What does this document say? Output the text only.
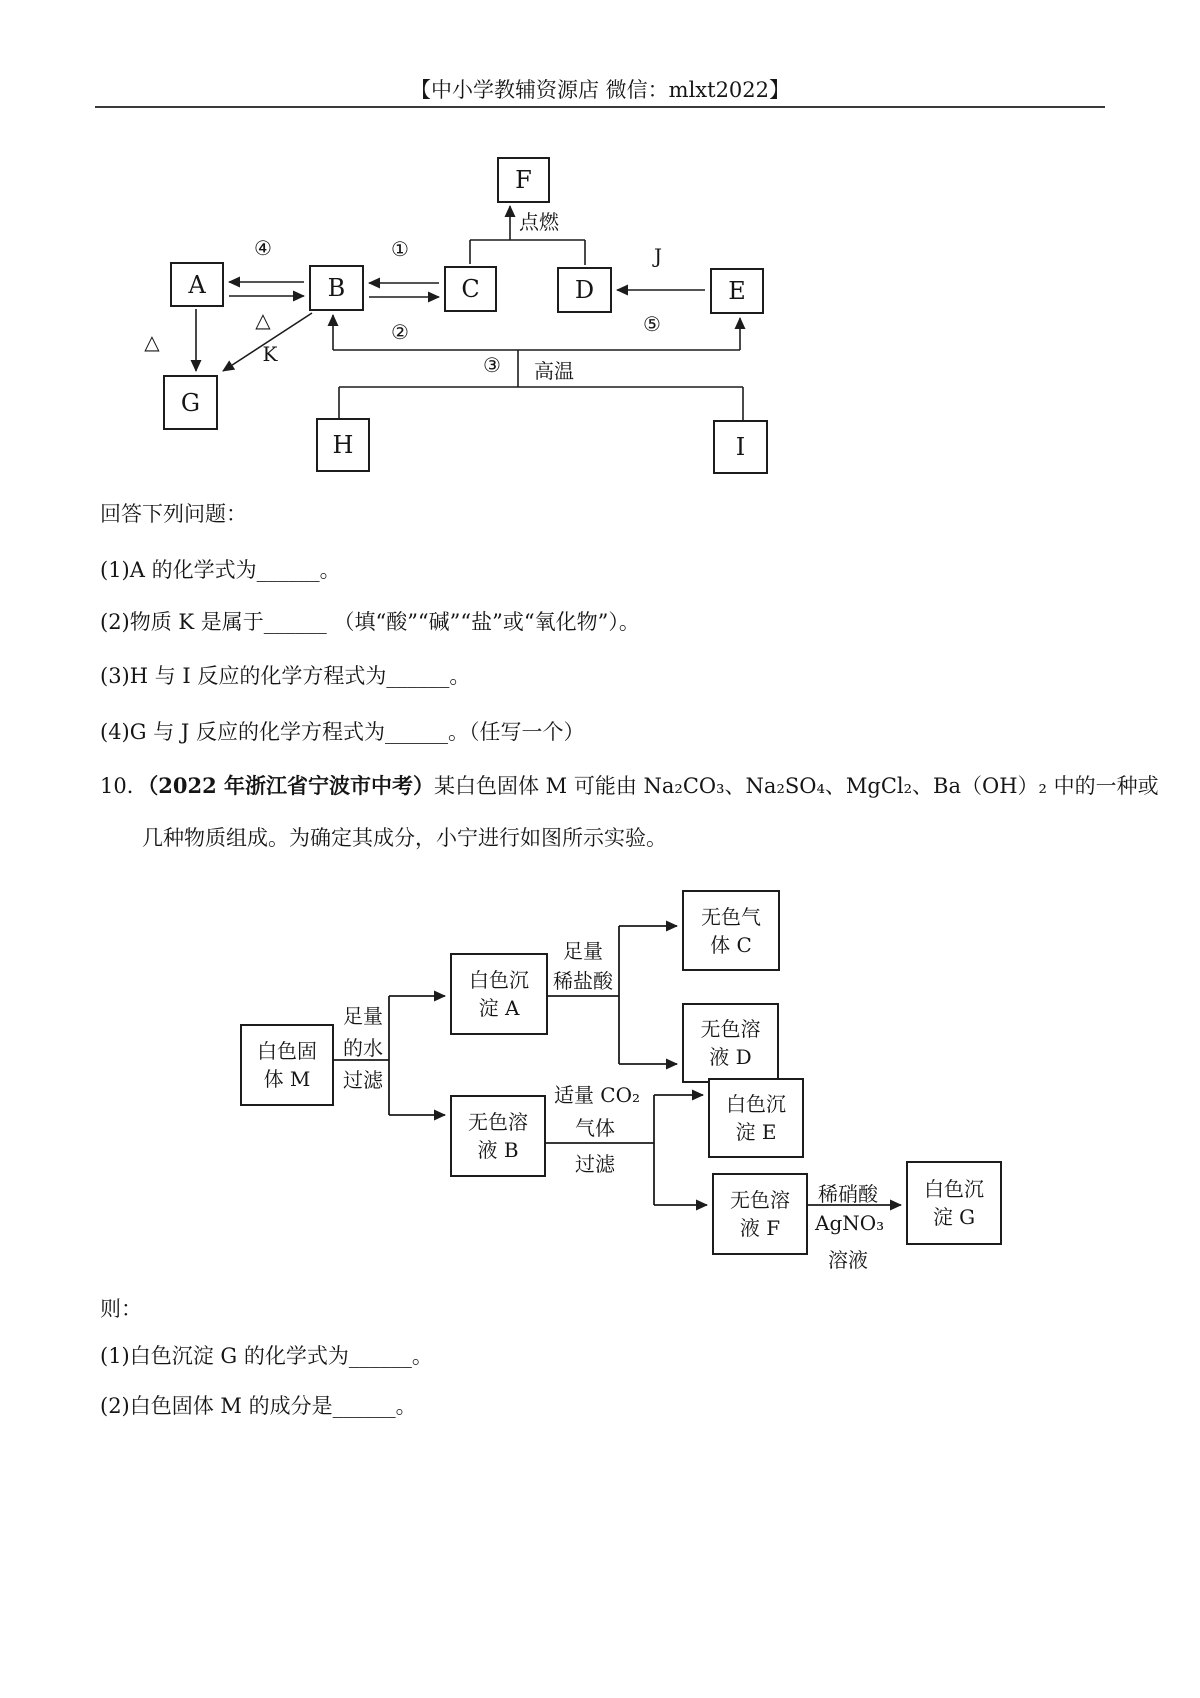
【中小学教辅资源店 微信：mlxt2022】
F
A	B	C	D	E
G
H	I
点燃
④
△
①
②
J
⑤
△	K	③	高温
回答下列问题：
(1)A 的化学式为______。
(2)物质 K 是属于______ （填“酸”“碱”“盐”或“氧化物”）。
(3)H 与 I 反应的化学方程式为______。
(4)G 与 J 反应的化学方程式为______。（任写一个）
10．（2022 年浙江省宁波市中考）某白色固体 M 可能由 Na₂CO₃、Na₂SO₄、MgCl₂、Ba（OH）₂ 中的一种或
几种物质组成。为确定其成分，小宁进行如图所示实验。
白色固
体 M
白色沉
淀 A
无色气
体 C
无色溶
液 D
无色溶
液 B
白色沉
淀 E
无色溶
液 F
白色沉
淀 G
足量
的水
过滤
足量
稀盐酸
适量 CO₂
气体
过滤
稀硝酸
AgNO₃
溶液
则：
(1)白色沉淀 G 的化学式为______。
(2)白色固体 M 的成分是______。
